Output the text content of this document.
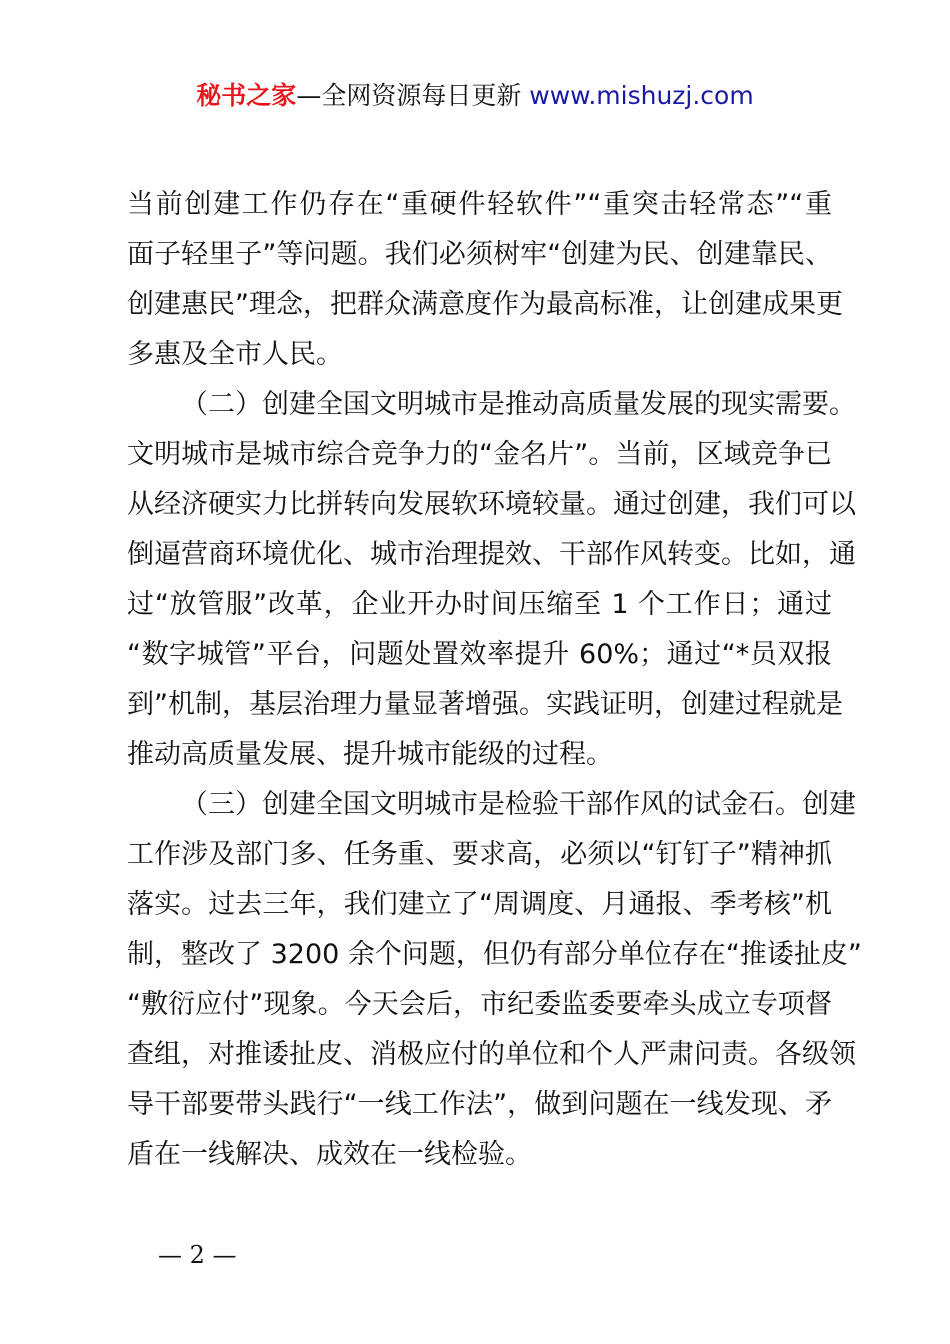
秘书之家—全网资源每日更新 www.mishuzj.com
当前创建工作仍存在“重硬件轻软件”“重突击轻常态”“重
面子轻里子”等问题。我们必须树牢“创建为民、创建靠民、
创建惠民”理念，把群众满意度作为最高标准，让创建成果更
多惠及全市人民。
（二）创建全国文明城市是推动高质量发展的现实需要。
文明城市是城市综合竞争力的“金名片”。当前，区域竞争已
从经济硬实力比拼转向发展软环境较量。通过创建，我们可以
倒逼营商环境优化、城市治理提效、干部作风转变。比如，通
过“放管服”改革，企业开办时间压缩至 1 个工作日；通过
“数字城管”平台，问题处置效率提升 60%；通过“*员双报
到”机制，基层治理力量显著增强。实践证明，创建过程就是
推动高质量发展、提升城市能级的过程。
（三）创建全国文明城市是检验干部作风的试金石。创建
工作涉及部门多、任务重、要求高，必须以“钉钉子”精神抓
落实。过去三年，我们建立了“周调度、月通报、季考核”机
制，整改了 3200 余个问题，但仍有部分单位存在“推诿扯皮”
“敷衍应付”现象。今天会后，市纪委监委要牵头成立专项督
查组，对推诿扯皮、消极应付的单位和个人严肃问责。各级领
导干部要带头践行“一线工作法”，做到问题在一线发现、矛
盾在一线解决、成效在一线检验。
— 2 —
